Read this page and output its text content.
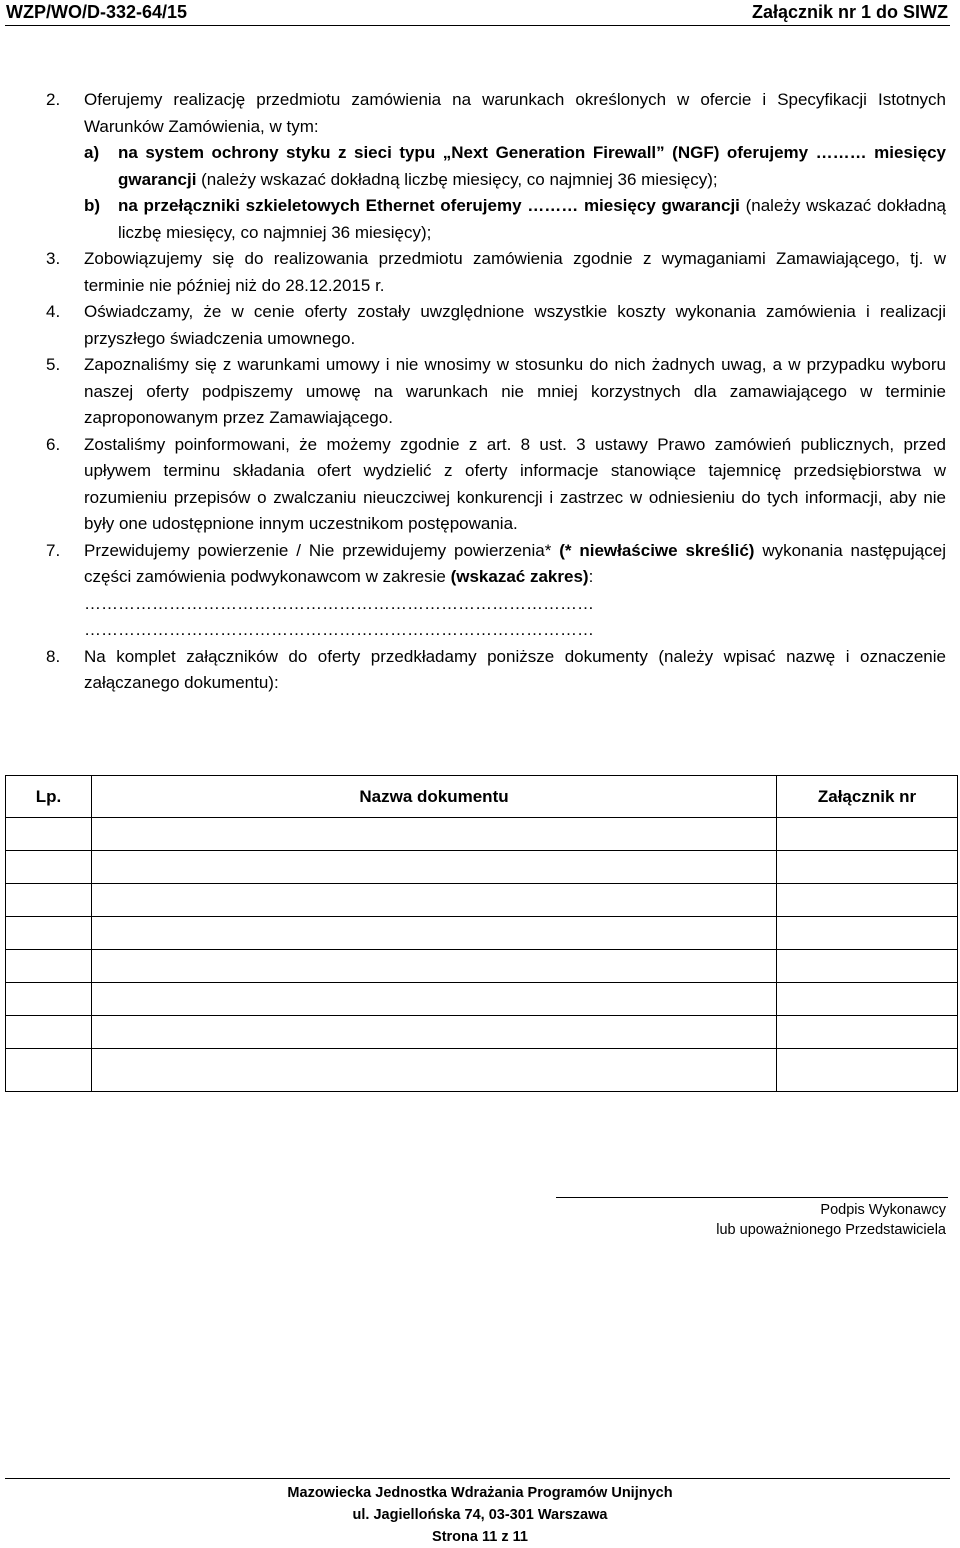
WZP/WO/D-332-64/15	Załącznik nr 1 do SIWZ
2. Oferujemy realizację przedmiotu zamówienia na warunkach określonych w ofercie i Specyfikacji Istotnych Warunków Zamówienia, w tym:
a) na system ochrony styku z sieci typu „Next Generation Firewall” (NGF) oferujemy ……… miesięcy gwarancji (należy wskazać dokładną liczbę miesięcy, co najmniej 36 miesięcy);
b) na przełączniki szkieletowych Ethernet oferujemy ……… miesięcy gwarancji (należy wskazać dokładną liczbę miesięcy, co najmniej 36 miesięcy);
3. Zobowiązujemy się do realizowania przedmiotu zamówienia zgodnie z wymaganiami Zamawiającego, tj. w terminie nie później niż do 28.12.2015 r.
4. Oświadczamy, że w cenie oferty zostały uwzględnione wszystkie koszty wykonania zamówienia i realizacji przyszłego świadczenia umownego.
5. Zapoznaliśmy się z warunkami umowy i nie wnosimy w stosunku do nich żadnych uwag, a w przypadku wyboru naszej oferty podpiszemy umowę na warunkach nie mniej korzystnych dla zamawiającego w terminie zaproponowanym przez Zamawiającego.
6. Zostaliśmy poinformowani, że możemy zgodnie z art. 8 ust. 3 ustawy Prawo zamówień publicznych, przed upływem terminu składania ofert wydzielić z oferty informacje stanowiące tajemnicę przedsiębiorstwa w rozumieniu przepisów o zwalczaniu nieuczciwej konkurencji i zastrzec w odniesieniu do tych informacji, aby nie były one udostępnione innym uczestnikom postępowania.
7. Przewidujemy powierzenie / Nie przewidujemy powierzenia* (* niewłaściwe skreślić) wykonania następującej części zamówienia podwykonawcom w zakresie (wskazać zakres):
………………………………………………………………………………
………………………………………………………………………………
8. Na komplet załączników do oferty przedkładamy poniższe dokumenty (należy wpisać nazwę i oznaczenie załączanego dokumentu):
Lp.	Nazwa dokumentu	Załącznik nr

Podpis Wykonawcy
lub upoważnionego Przedstawiciela
Mazowiecka Jednostka Wdrażania Programów Unijnych
ul. Jagiellońska 74, 03-301 Warszawa
Strona 11 z 11
